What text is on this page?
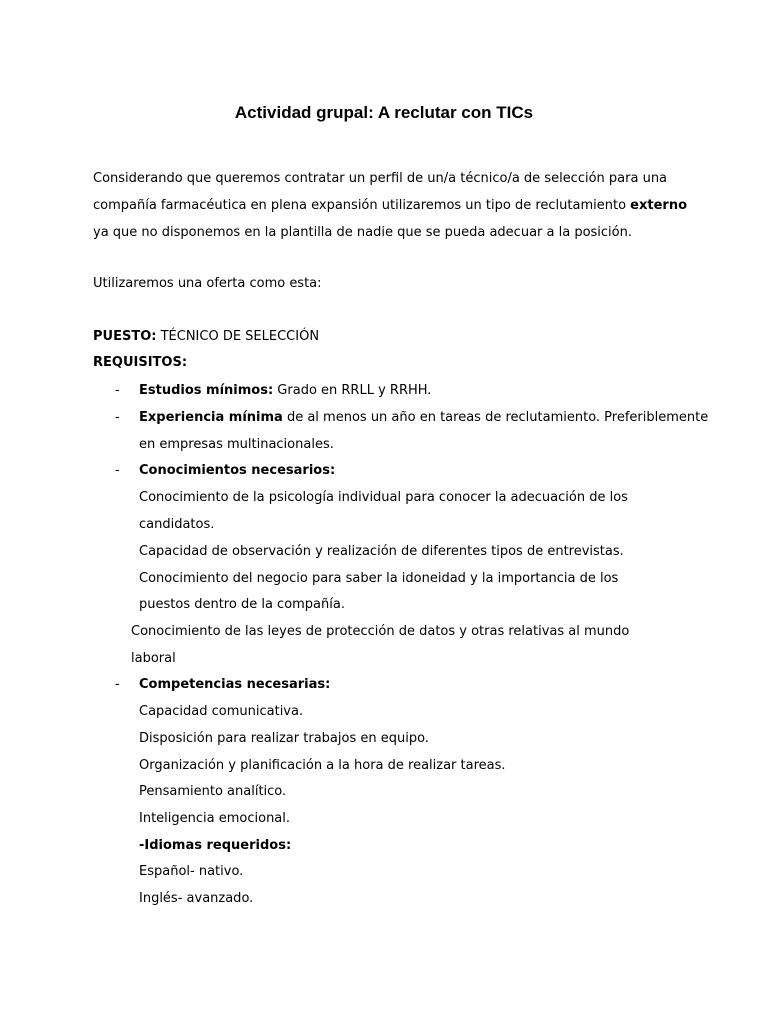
Actividad grupal: A reclutar con TICs
Considerando que queremos contratar un perfil de un/a técnico/a de selección para una
compañía farmacéutica en plena expansión utilizaremos un tipo de reclutamiento externo
ya que no disponemos en la plantilla de nadie que se pueda adecuar a la posición.
Utilizaremos una oferta como esta:
PUESTO: TÉCNICO DE SELECCIÓN
REQUISITOS:
- Estudios mínimos: Grado en RRLL y RRHH.
- Experiencia mínima de al menos un año en tareas de reclutamiento. Preferiblemente
en empresas multinacionales.
- Conocimientos necesarios:
Conocimiento de la psicología individual para conocer la adecuación de los
candidatos.
Capacidad de observación y realización de diferentes tipos de entrevistas.
Conocimiento del negocio para saber la idoneidad y la importancia de los
puestos dentro de la compañía.
Conocimiento de las leyes de protección de datos y otras relativas al mundo
laboral
- Competencias necesarias:
Capacidad comunicativa.
Disposición para realizar trabajos en equipo.
Organización y planificación a la hora de realizar tareas.
Pensamiento analítico.
Inteligencia emocional.
-Idiomas requeridos:
Español- nativo.
Inglés- avanzado.
